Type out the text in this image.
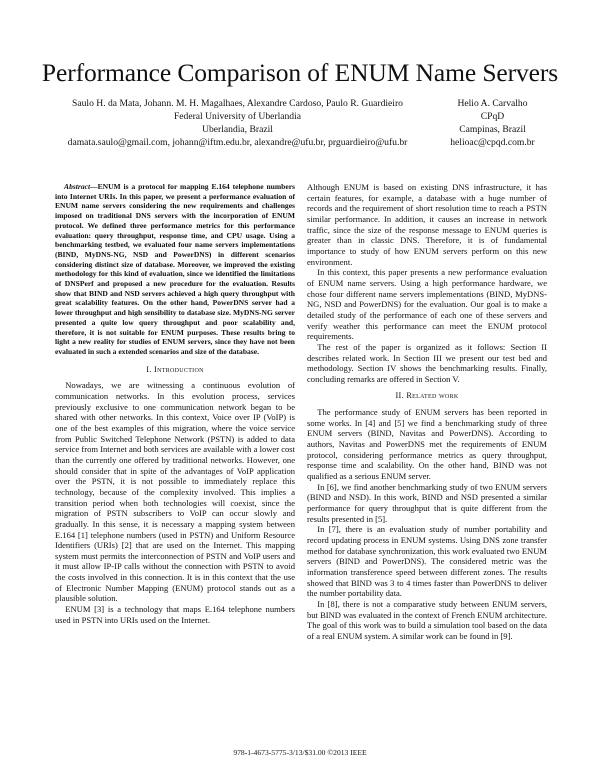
Performance Comparison of ENUM Name Servers
Saulo H. da Mata, Johann. M. H. Magalhaes, Alexandre Cardoso, Paulo R. Guardieiro
Federal University of Uberlandia
Uberlandia, Brazil
damata.saulo@gmail.com, johann@iftm.edu.br, alexandre@ufu.br, prguardieiro@ufu.br
Helio A. Carvalho
CPqD
Campinas, Brazil
helioac@cpqd.com.br

Abstract—ENUM is a protocol for mapping E.164 telephone numbers into Internet URIs. In this paper, we present a performance evaluation of ENUM name servers considering the new requirements and challenges imposed on traditional DNS servers with the incorporation of ENUM protocol. We defined three performance metrics for this performance evaluation: query throughput, response time, and CPU usage. Using a benchmarking testbed, we evaluated four name servers implementations (BIND, MyDNS-NG, NSD and PowerDNS) in different scenarios considering distinct size of database. Moreover, we improved the existing methodology for this kind of evaluation, since we identified the limitations of DNSPerf and proposed a new procedure for the evaluation. Results show that BIND and NSD servers achieved a high query throughput with great scalability features. On the other hand, PowerDNS server had a lower throughput and high sensibility to database size. MyDNS-NG server presented a quite low query throughput and poor scalability and, therefore, it is not suitable for ENUM purposes. These results bring to light a new reality for studies of ENUM servers, since they have not been evaluated in such a extended scenarios and size of the database.

I. Introduction

Nowadays, we are witnessing a continuous evolution of communication networks. In this evolution process, services previously exclusive to one communication network began to be shared with other networks. In this context, Voice over IP (VoIP) is one of the best examples of this migration, where the voice service from Public Switched Telephone Network (PSTN) is added to data service from Internet and both services are available with a lower cost than the currently one offered by traditional networks. However, one should consider that in spite of the advantages of VoIP application over the PSTN, it is not possible to immediately replace this technology, because of the complexity involved. This implies a transition period when both technologies will coexist, since the migration of PSTN subscribers to VoIP can occur slowly and gradually. In this sense, it is necessary a mapping system between E.164 [1] telephone numbers (used in PSTN) and Uniform Resource Identifiers (URIs) [2] that are used on the Internet. This mapping system must permits the interconnection of PSTN and VoIP users and it must allow IP-IP calls without the connection with PSTN to avoid the costs involved in this connection. It is in this context that the use of Electronic Number Mapping (ENUM) protocol stands out as a plausible solution.

ENUM [3] is a technology that maps E.164 telephone numbers used in PSTN into URIs used on the Internet.

Although ENUM is based on existing DNS infrastructure, it has certain features, for example, a database with a huge number of records and the requirement of short resolution time to reach a PSTN similar performance. In addition, it causes an increase in network traffic, since the size of the response message to ENUM queries is greater than in classic DNS. Therefore, it is of fundamental importance to study of how ENUM servers perform on this new environment.

In this context, this paper presents a new performance evaluation of ENUM name servers. Using a high performance hardware, we chose four different name servers implementations (BIND, MyDNS-NG, NSD and PowerDNS) for the evaluation. Our goal is to make a detailed study of the performance of each one of these servers and verify weather this performance can meet the ENUM protocol requirements.

The rest of the paper is organized as it follows: Section II describes related work. In Section III we present our test bed and methodology. Section IV shows the benchmarking results. Finally, concluding remarks are offered in Section V.

II. Related work

The performance study of ENUM servers has been reported in some works. In [4] and [5] we find a benchmarking study of three ENUM servers (BIND, Navitas and PowerDNS). According to authors, Navitas and PowerDNS met the requirements of ENUM protocol, considering performance metrics as query throughput, response time and scalability. On the other hand, BIND was not qualified as a serious ENUM server.

In [6], we find another benchmarking study of two ENUM servers (BIND and NSD). In this work, BIND and NSD presented a similar performance for query throughput that is quite different from the results presented in [5].

In [7], there is an evaluation study of number portability and record updating process in ENUM systems. Using DNS zone transfer method for database synchronization, this work evaluated two ENUM servers (BIND and PowerDNS). The considered metric was the information transference speed between different zones. The results showed that BIND was 3 to 4 times faster than PowerDNS to deliver the number portability data.

In [8], there is not a comparative study between ENUM servers, but BIND was evaluated in the context of French ENUM architecture. The goal of this work was to build a simulation tool based on the data of a real ENUM system. A similar work can be found in [9].

978-1-4673-5775-3/13/$31.00 ©2013 IEEE
